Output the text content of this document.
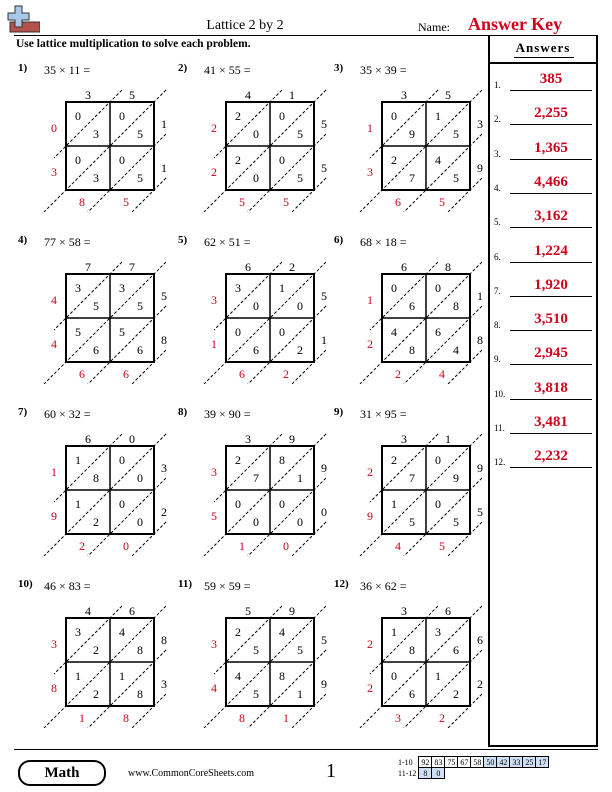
Lattice 2 by 2	Name: Answer Key
Use lattice multiplication to solve each problem.	Answers
1.	385
2.	2,255
3.	1,365
4.	4,466
5.	3,162
6.	1,224
7.	1,920
8.	3,510
9.	2,945
10.	3,818
11.	3,481
12.	2,232
1) 35 × 11 =
3	5
1
1
0
3
0
5
0
3
0
5
0
3
8	5
2) 41 × 55 =
4	1
5
5
2
0
0
5
2
0
0
5
2
2
5	5
3) 35 × 39 =
3	5
3
9
0
9
1
5
2
7
4
5
1
3
6	5
4) 77 × 58 =
7	7
5
8
3
5
3
5
5
6
5
6
4
4
6	6
5) 62 × 51 =
6	2
5
1
3
0
1
0
0
6
0
2
3
1
6	2
6) 68 × 18 =
6	8
1
8
0
6
0
8
4
8
6
4
1
2
2	4
7) 60 × 32 =
6	0
3
2
1
8
0
0
1
2
0
0
1
9
2	0
8) 39 × 90 =
3	9
9
0
2
7
8
1
0
0
0
0
3
5
1	0
9) 31 × 95 =
3	1
9
5
2
7
0
9
1
5
0
5
2
9
4	5
10) 46 × 83 =
4	6
8
3
3
2
4
8
1
2
1
8
3
8
1	8
11) 59 × 59 =
5	9
5
9
2
5
4
5
4
5
8
1
3
4
8	1
12) 36 × 62 =
3	6
6
2
1
8
3
6
0
6
1
2
2
2
3	2
Math	www.CommonCoreSheets.com	1	1-10	92	83	75	67	58	50	42	33	25	17
11-12	8	0								
